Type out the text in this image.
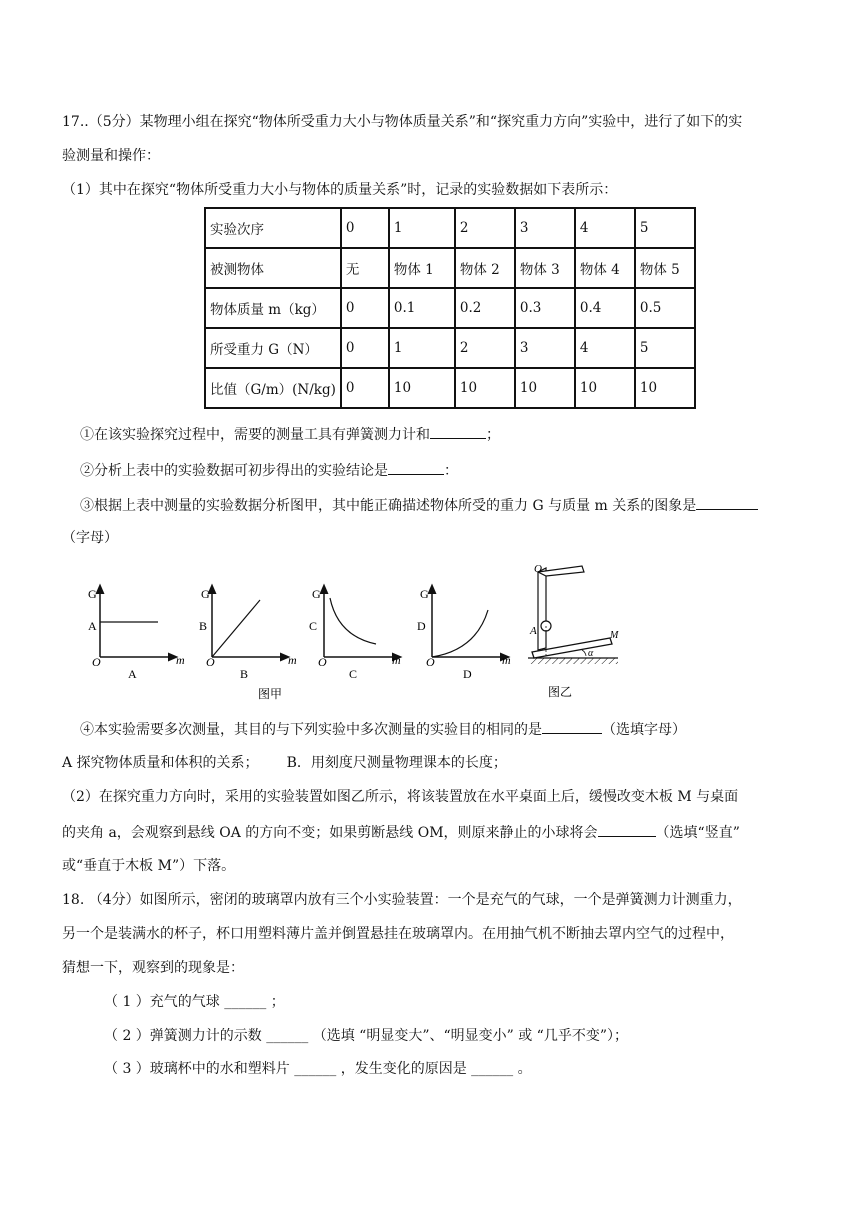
17..（5分）某物理小组在探究“物体所受重力大小与物体质量关系”和“探究重力方向”实验中，进行了如下的实
验测量和操作：
（1）其中在探究“物体所受重力大小与物体的质量关系”时，记录的实验数据如下表所示：
实验次序	0	1	2	3	4	5
被测物体	无	物体 1	物体 2	物体 3	物体 4	物体 5
物体质量 m（kg）	0	0.1	0.2	0.3	0.4	0.5
所受重力 G（N）	0	1	2	3	4	5
比值（G/m）(N/kg)	0	10	10	10	10	10
①在该实验探究过程中，需要的测量工具有弹簧测力计和	；
②分析上表中的实验数据可初步得出的实验结论是	：
③根据上表中测量的实验数据分析图甲，其中能正确描述物体所受的重力 G 与质量 m 关系的图象是
（字母）
G
A
O	m
A
G
B
O	m
B
G
C
O	m
C
G
D
O	m
D
图甲
O
A	M
α
图乙
④本实验需要多次测量，其目的与下列实验中多次测量的实验目的相同的是	（选填字母）
A 探究物体质量和体积的关系； B．用刻度尺测量物理课本的长度；
（2）在探究重力方向时，采用的实验装置如图乙所示，将该装置放在水平桌面上后，缓慢改变木板 M 与桌面
的夹角 a，会观察到悬线 OA 的方向不变；如果剪断悬线 OM，则原来静止的小球将会	（选填“竖直”
或“垂直于木板 M”）下落。
18. （4分）如图所示，密闭的玻璃罩内放有三个小实验装置：一个是充气的气球，一个是弹簧测力计测重力，
另一个是装满水的杯子，杯口用塑料薄片盖并倒置悬挂在玻璃罩内。在用抽气机不断抽去罩内空气的过程中，
猜想一下，观察到的现象是：
（ 1 ）充气的气球 ______ ；
（ 2 ）弹簧测力计的示数 ______ （选填 “明显变大”、“明显变小” 或 “几乎不变”）；
（ 3 ）玻璃杯中的水和塑料片 ______ ，发生变化的原因是 ______ 。
